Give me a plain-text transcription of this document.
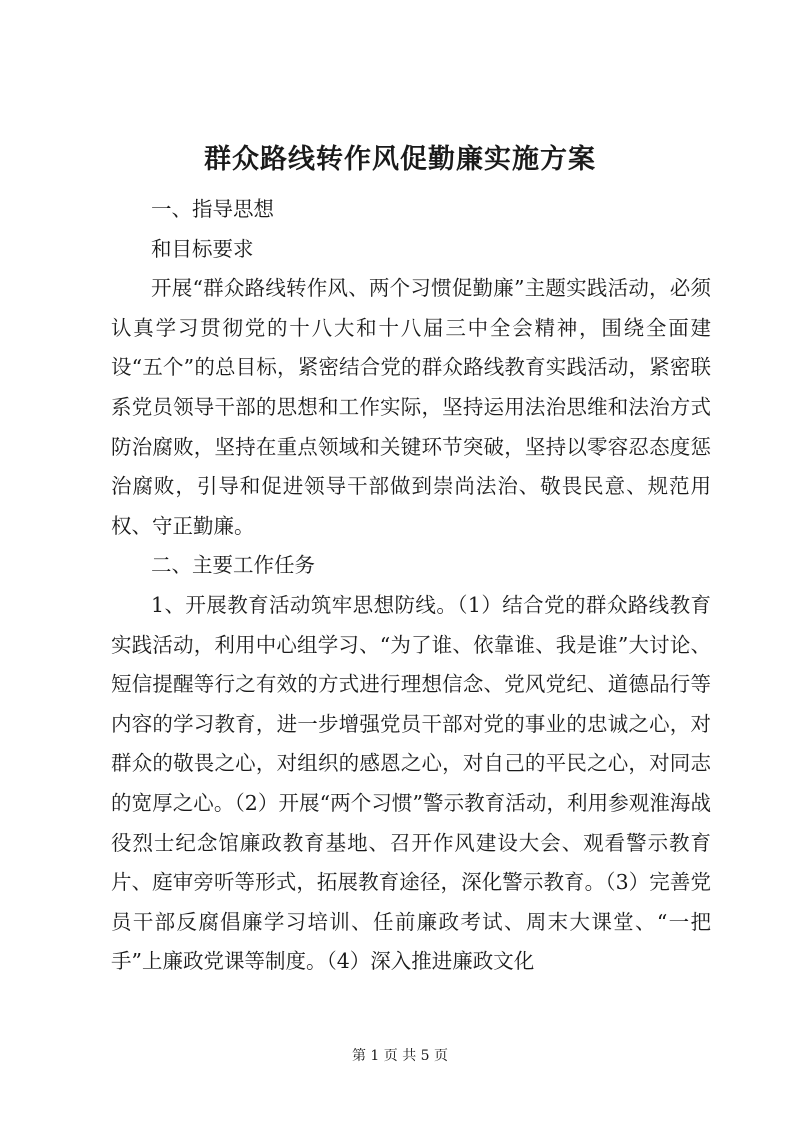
群众路线转作风促勤廉实施方案

一、指导思想

和目标要求

开展“群众路线转作风、两个习惯促勤廉”主题实践活动，必须认真学习贯彻党的十八大和十八届三中全会精神，围绕全面建设“五个”的总目标，紧密结合党的群众路线教育实践活动，紧密联系党员领导干部的思想和工作实际，坚持运用法治思维和法治方式防治腐败，坚持在重点领域和关键环节突破，坚持以零容忍态度惩治腐败，引导和促进领导干部做到崇尚法治、敬畏民意、规范用权、守正勤廉。

二、主要工作任务

1、开展教育活动筑牢思想防线。（1）结合党的群众路线教育实践活动，利用中心组学习、“为了谁、依靠谁、我是谁”大讨论、短信提醒等行之有效的方式进行理想信念、党风党纪、道德品行等内容的学习教育，进一步增强党员干部对党的事业的忠诚之心，对群众的敬畏之心，对组织的感恩之心，对自己的平民之心，对同志的宽厚之心。（2）开展“两个习惯”警示教育活动，利用参观淮海战役烈士纪念馆廉政教育基地、召开作风建设大会、观看警示教育片、庭审旁听等形式，拓展教育途径，深化警示教育。（3）完善党员干部反腐倡廉学习培训、任前廉政考试、周末大课堂、“一把手”上廉政党课等制度。（4）深入推进廉政文化

第 1 页 共 5 页
